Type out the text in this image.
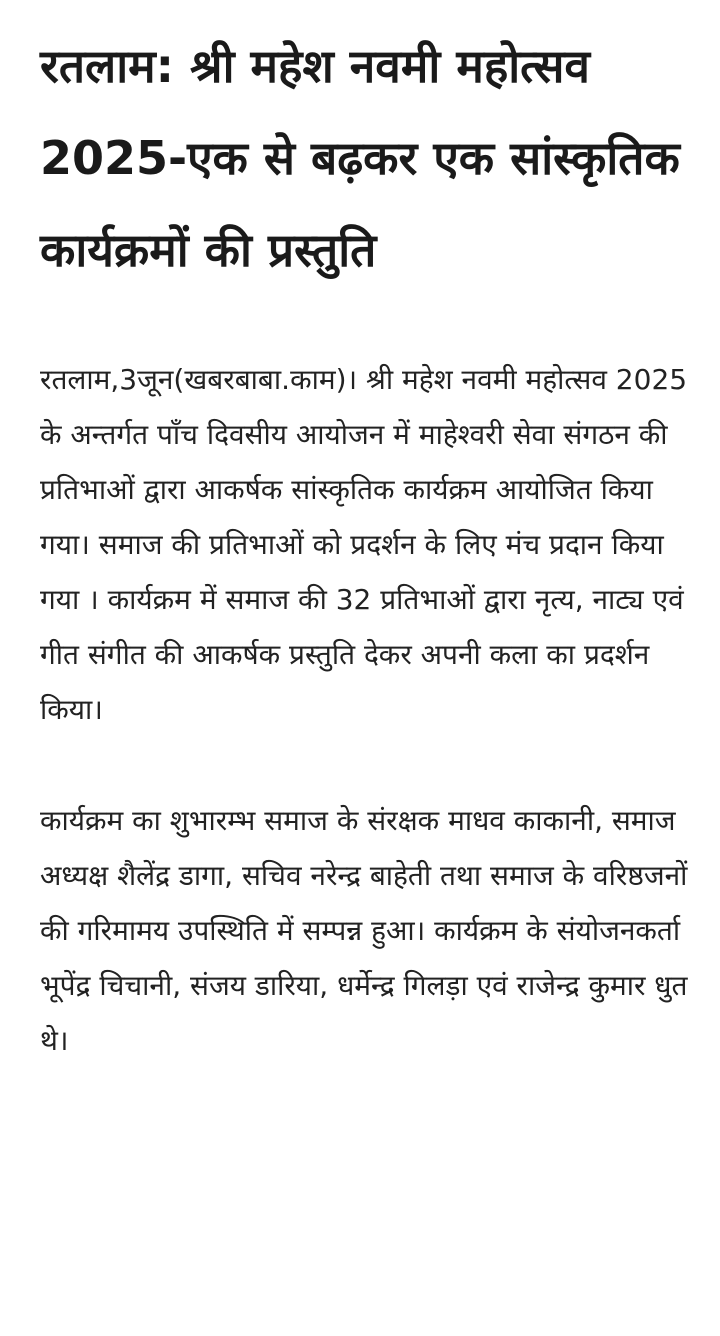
रतलाम: श्री महेश नवमी महोत्सव 2025-एक से बढ़कर एक सांस्कृतिक कार्यक्रमों की प्रस्तुति

रतलाम,3जून(खबरबाबा.काम)। श्री महेश नवमी महोत्सव 2025 के अन्तर्गत पाँच दिवसीय आयोजन में माहेश्वरी सेवा संगठन की प्रतिभाओं द्वारा आकर्षक सांस्कृतिक कार्यक्रम आयोजित किया गया। समाज की प्रतिभाओं को प्रदर्शन के लिए मंच प्रदान किया गया । कार्यक्रम में समाज की 32 प्रतिभाओं द्वारा नृत्य, नाट्य एवं गीत संगीत की आकर्षक प्रस्तुति देकर अपनी कला का प्रदर्शन किया।

कार्यक्रम का शुभारम्भ समाज के संरक्षक माधव काकानी, समाज अध्यक्ष शैलेंद्र डागा, सचिव नरेन्द्र बाहेती तथा समाज के वरिष्ठजनों की गरिमामय उपस्थिति में सम्पन्न हुआ। कार्यक्रम के संयोजनकर्ता भूपेंद्र चिचानी, संजय डारिया, धर्मेन्द्र गिलड़ा एवं राजेन्द्र कुमार धुत थे।
